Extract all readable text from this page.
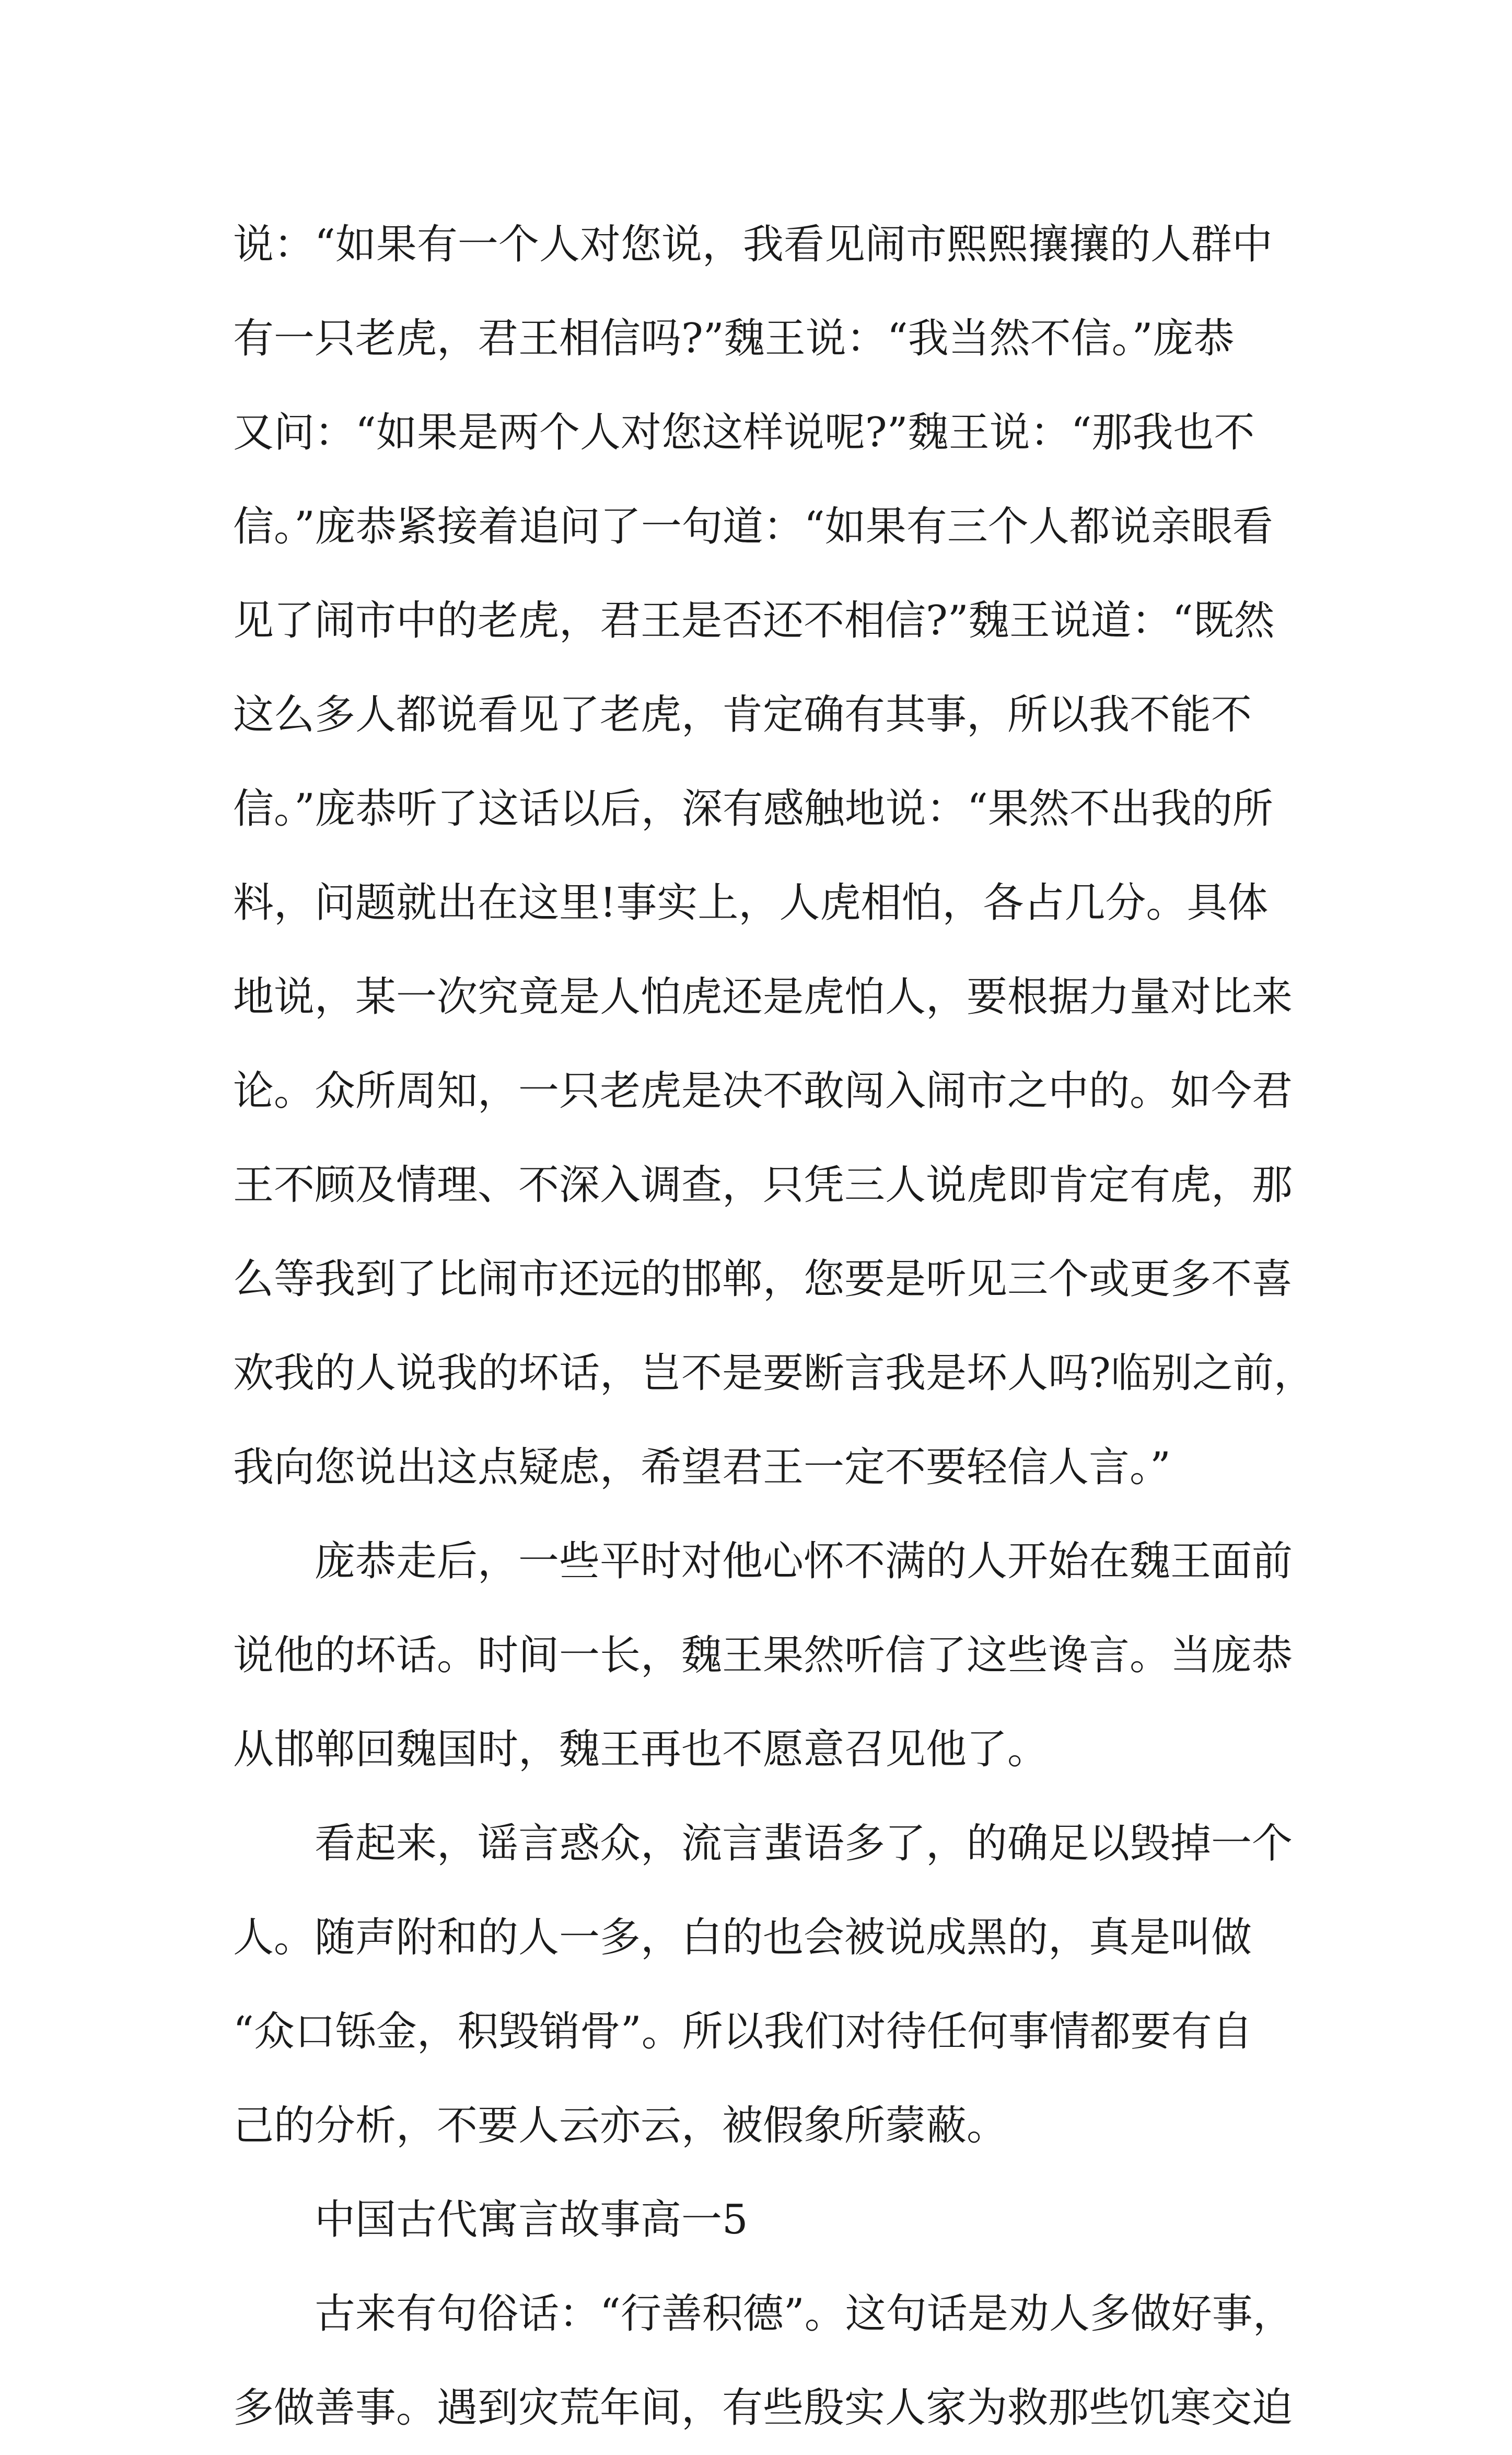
说：“如果有一个人对您说，我看见闹市熙熙攘攘的人群中
有一只老虎，君王相信吗?”魏王说：“我当然不信。”庞恭
又问：“如果是两个人对您这样说呢?”魏王说：“那我也不
信。”庞恭紧接着追问了一句道：“如果有三个人都说亲眼看
见了闹市中的老虎，君王是否还不相信?”魏王说道：“既然
这么多人都说看见了老虎，肯定确有其事，所以我不能不
信。”庞恭听了这话以后，深有感触地说：“果然不出我的所
料，问题就出在这里!事实上，人虎相怕，各占几分。具体
地说，某一次究竟是人怕虎还是虎怕人，要根据力量对比来
论。众所周知，一只老虎是决不敢闯入闹市之中的。如今君
王不顾及情理、不深入调查，只凭三人说虎即肯定有虎，那
么等我到了比闹市还远的邯郸，您要是听见三个或更多不喜
欢我的人说我的坏话，岂不是要断言我是坏人吗?临别之前，
我向您说出这点疑虑，希望君王一定不要轻信人言。”
　　庞恭走后，一些平时对他心怀不满的人开始在魏王面前
说他的坏话。时间一长，魏王果然听信了这些谗言。当庞恭
从邯郸回魏国时，魏王再也不愿意召见他了。
　　看起来，谣言惑众，流言蜚语多了，的确足以毁掉一个
人。随声附和的人一多，白的也会被说成黑的，真是叫做
“众口铄金，积毁销骨”。所以我们对待任何事情都要有自
己的分析，不要人云亦云，被假象所蒙蔽。
　　中国古代寓言故事高一5
　　古来有句俗话：“行善积德”。这句话是劝人多做好事，
多做善事。遇到灾荒年间，有些殷实人家为救那些饥寒交迫
